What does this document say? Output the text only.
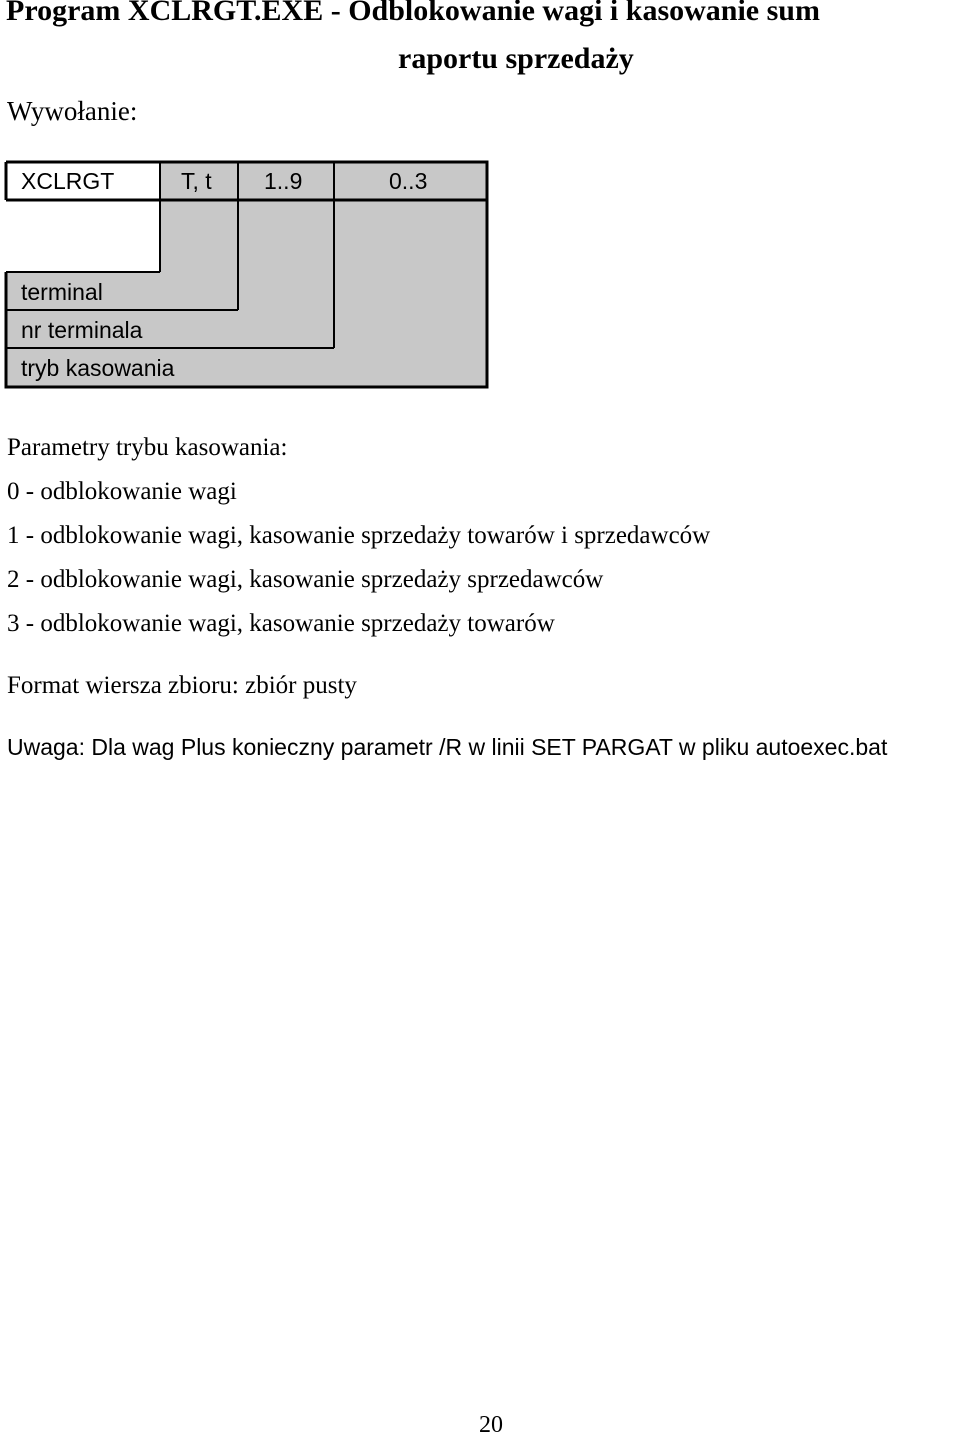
Program XCLRGT.EXE - Odblokowanie wagi i kasowanie sum
raportu sprzedaży
Wywołanie:
XCLRGT	T, t 1..9	0..3
terminal
nr terminala
tryb kasowania
Parametry trybu kasowania:
0 - odblokowanie wagi
1 - odblokowanie wagi, kasowanie sprzedaży towarów i sprzedawców
2 - odblokowanie wagi, kasowanie sprzedaży sprzedawców
3 - odblokowanie wagi, kasowanie sprzedaży towarów
Format wiersza zbioru: zbiór pusty
Uwaga: Dla wag Plus konieczny parametr /R w linii SET PARGAT w pliku autoexec.bat
20
